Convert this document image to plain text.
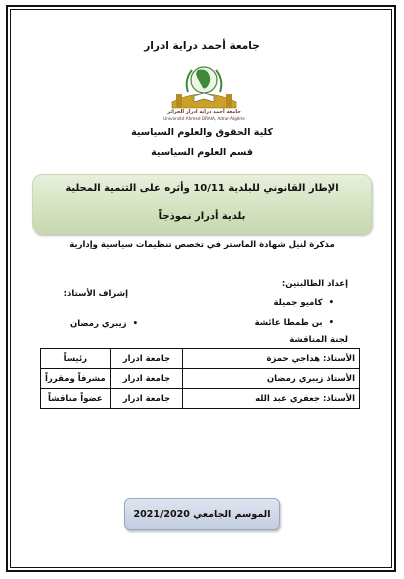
جامعة أحمد دراية ادرار
جامعة أحمد دراية ادرار الجزائر
Université Ahmed DRAIA, Adrar-Algérie
كلية الحقوق والعلوم السياسية
قسم العلوم السياسية
الإطار القانوني للبلدية 10/11 وأثره على التنمية المحلية
بلدية أدرار نموذجاً
مذكرة لنيل شهادة الماستر في تخصص تنظيمات سياسية وإدارية
إعداد الطالبتين:
•كاميو جميلة
•بن طمطا عائشة
إشراف الأستاذ:
•زيبري رمضان
لجنة المناقشة
الأستاذ: هداجي حمزة	جامعة ادرار	رئيساً
الأستاذ زيبري رمضان	جامعة ادرار	مشرفاً ومقرراً
الأستاذ: جعفري عبد الله	جامعة ادرار	عضواً مناقشاً
الموسم الجامعي 2021/2020
